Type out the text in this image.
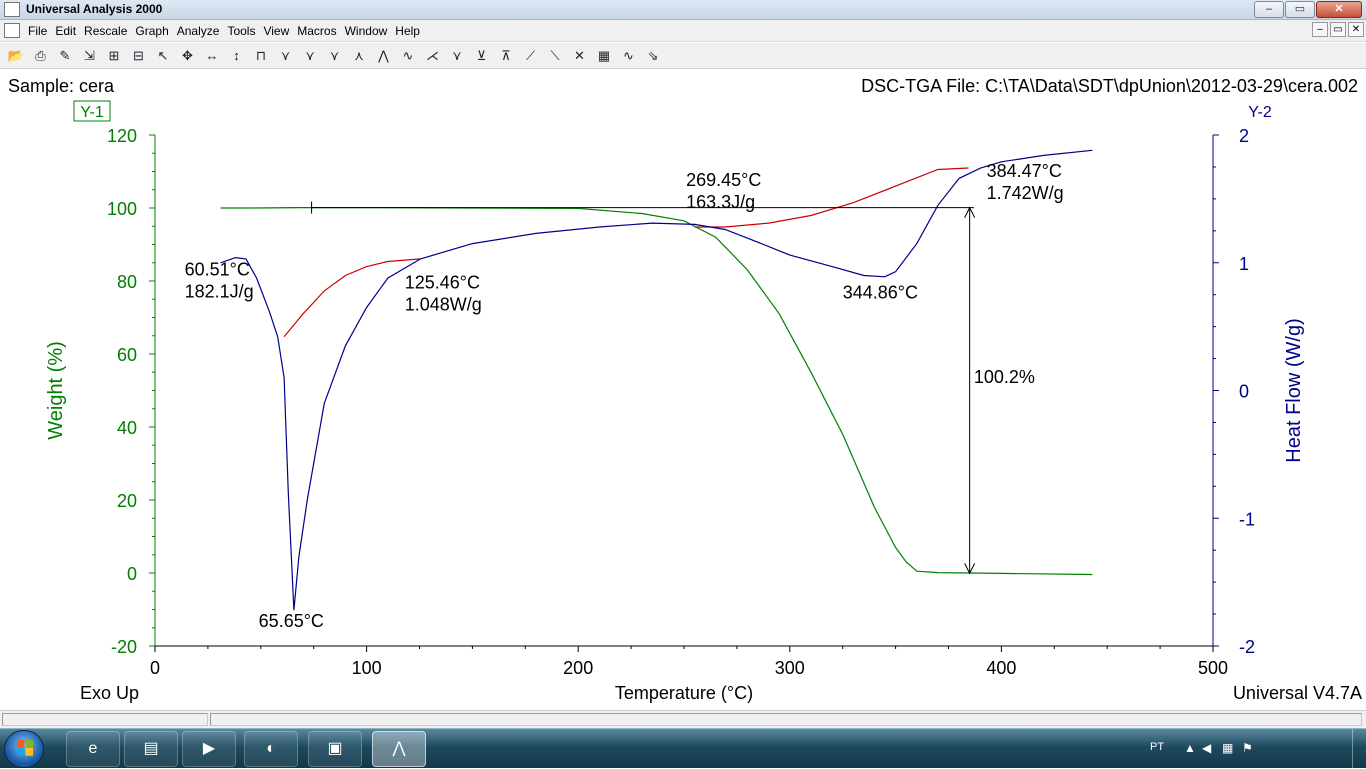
Universal Analysis 2000	–	▭	✕
File Edit Rescale Graph Analyze Tools View Macros Window Help	–	▭ ✕
📂 ⎙	✎	⇲	⊞	⊟	↖	✥ ↔	↕	⊓	⋎	⋎	⋎	⋏	⋀	∿ ⋌	⋎	⊻	⊼	⟋	⟍	✕ ▦ ∿	⇘
Sample: cera	DSC-TGA File: C:\TA\Data\SDT\dpUnion\2012-03-29\cera.002
0	100	200	300	400	500
-20
0
20
40
60
80
100
120
-2
-1
0
1
2
Temperature (°C)
Weight (%)	Heat Flow (W/g)
Y-1	Y-2
60.51°C
182.1J/g
65.65°C
125.46°C
1.048W/g
269.45°C
163.3J/g
344.86°C
384.47°C
1.742W/g
100.2%
Exo Up	Universal V4.7A
e	▤	▶	◐	▣	⋀	PT ▲ ◀ ▦ ⚑
